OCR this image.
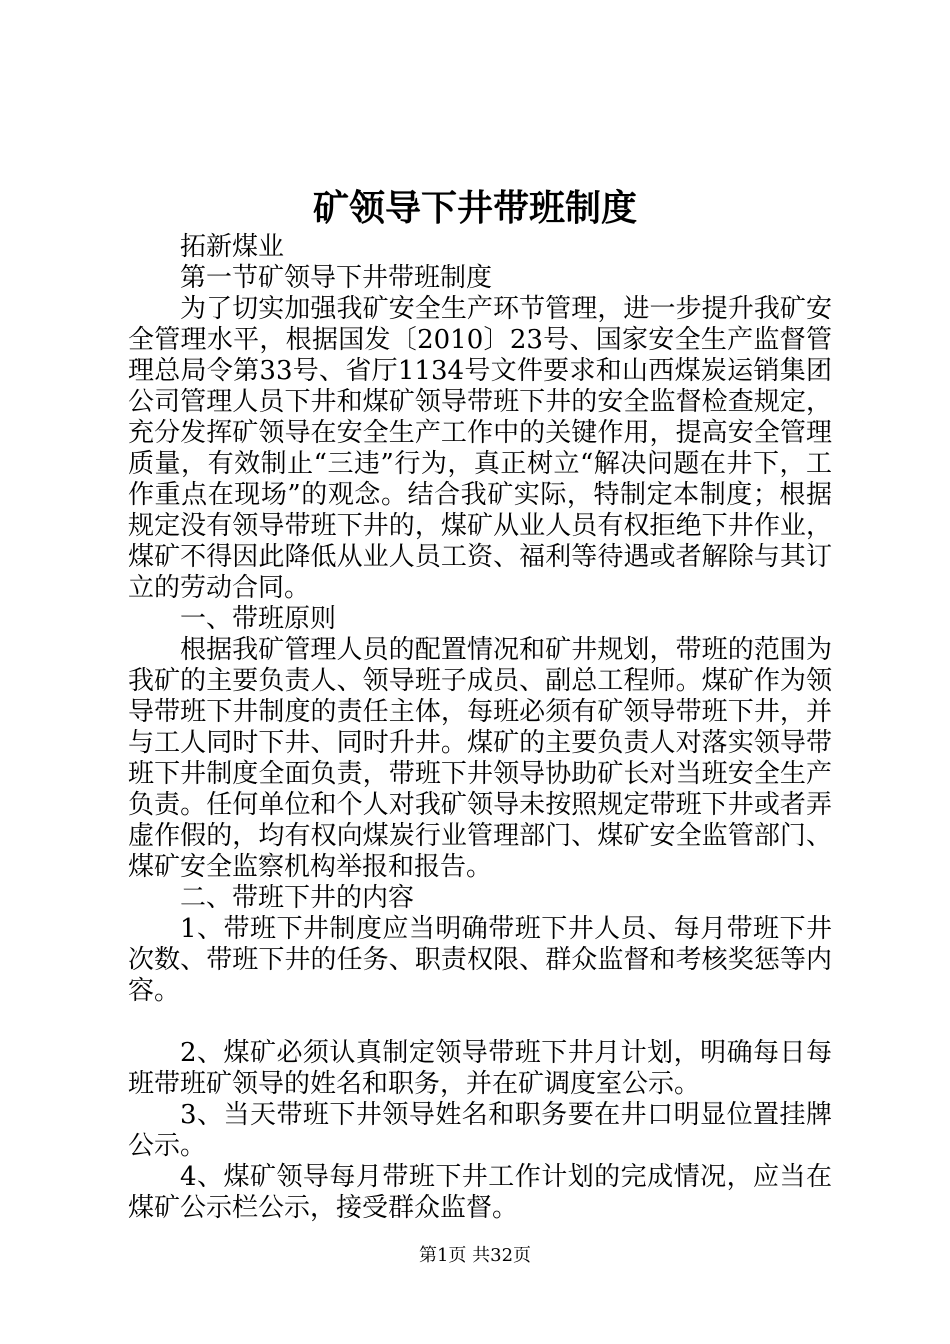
矿领导下井带班制度

拓新煤业

第一节矿领导下井带班制度

为了切实加强我矿安全生产环节管理，进一步提升我矿安全管理水平，根据国发〔2010〕23号、国家安全生产监督管理总局令第33号、省厅1134号文件要求和山西煤炭运销集团公司管理人员下井和煤矿领导带班下井的安全监督检查规定，充分发挥矿领导在安全生产工作中的关键作用，提高安全管理质量，有效制止“三违”行为，真正树立“解决问题在井下，工作重点在现场”的观念。结合我矿实际，特制定本制度；根据规定没有领导带班下井的，煤矿从业人员有权拒绝下井作业，煤矿不得因此降低从业人员工资、福利等待遇或者解除与其订立的劳动合同。

一、带班原则

根据我矿管理人员的配置情况和矿井规划，带班的范围为我矿的主要负责人、领导班子成员、副总工程师。煤矿作为领导带班下井制度的责任主体，每班必须有矿领导带班下井，并与工人同时下井、同时升井。煤矿的主要负责人对落实领导带班下井制度全面负责，带班下井领导协助矿长对当班安全生产负责。任何单位和个人对我矿领导未按照规定带班下井或者弄虚作假的，均有权向煤炭行业管理部门、煤矿安全监管部门、煤矿安全监察机构举报和报告。

二、带班下井的内容

1、带班下井制度应当明确带班下井人员、每月带班下井次数、带班下井的任务、职责权限、群众监督和考核奖惩等内容。

2、煤矿必须认真制定领导带班下井月计划，明确每日每班带班矿领导的姓名和职务，并在矿调度室公示。

3、当天带班下井领导姓名和职务要在井口明显位置挂牌公示。

4、煤矿领导每月带班下井工作计划的完成情况，应当在煤矿公示栏公示，接受群众监督。

第1页 共32页
